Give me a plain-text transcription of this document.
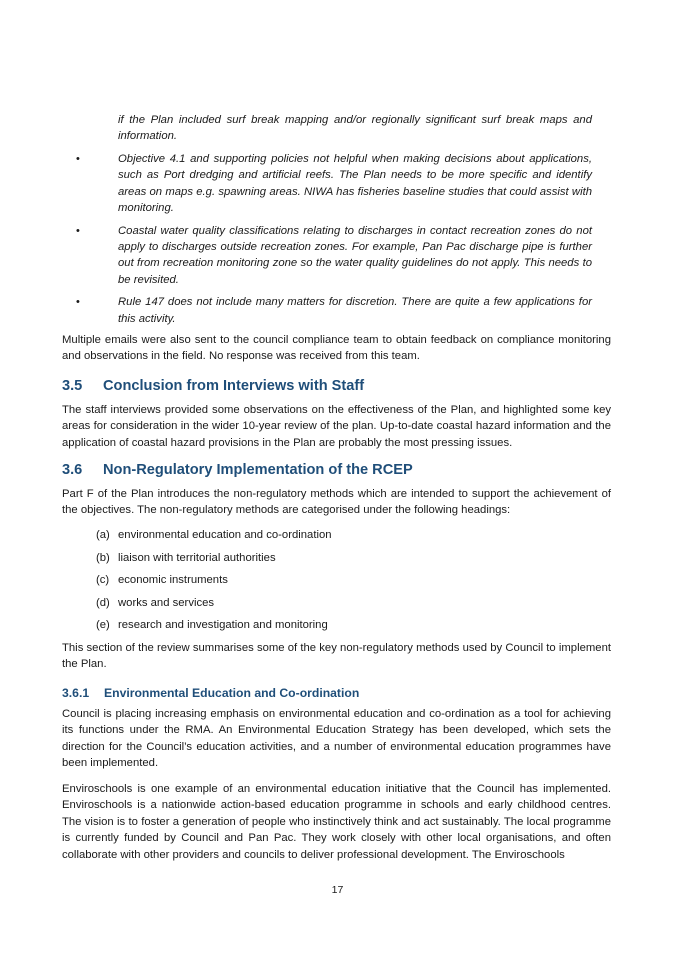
if the Plan included surf break mapping and/or regionally significant surf break maps and information.

•	Objective 4.1 and supporting policies not helpful when making decisions about applications, such as Port dredging and artificial reefs. The Plan needs to be more specific and identify areas on maps e.g. spawning areas. NIWA has fisheries baseline studies that could assist with monitoring.
•	Coastal water quality classifications relating to discharges in contact recreation zones do not apply to discharges outside recreation zones. For example, Pan Pac discharge pipe is further out from recreation monitoring zone so the water quality guidelines do not apply. This needs to be revisited.
•	Rule 147 does not include many matters for discretion. There are quite a few applications for this activity.

Multiple emails were also sent to the council compliance team to obtain feedback on compliance monitoring and observations in the field. No response was received from this team.

3.5 Conclusion from Interviews with Staff

The staff interviews provided some observations on the effectiveness of the Plan, and highlighted some key areas for consideration in the wider 10-year review of the plan. Up-to-date coastal hazard information and the application of coastal hazard provisions in the Plan are probably the most pressing issues.

3.6 Non-Regulatory Implementation of the RCEP

Part F of the Plan introduces the non-regulatory methods which are intended to support the achievement of the objectives. The non-regulatory methods are categorised under the following headings:

(a) environmental education and co-ordination
(b) liaison with territorial authorities
(c) economic instruments
(d) works and services
(e) research and investigation and monitoring

This section of the review summarises some of the key non-regulatory methods used by Council to implement the Plan.

3.6.1 Environmental Education and Co-ordination

Council is placing increasing emphasis on environmental education and co-ordination as a tool for achieving its functions under the RMA. An Environmental Education Strategy has been developed, which sets the direction for the Council’s education activities, and a number of environmental education programmes have been implemented.

Enviroschools is one example of an environmental education initiative that the Council has implemented. Enviroschools is a nationwide action-based education programme in schools and early childhood centres. The vision is to foster a generation of people who instinctively think and act sustainably. The local programme is currently funded by Council and Pan Pac. They work closely with other local organisations, and often collaborate with other providers and councils to deliver professional development. The Enviroschools

17
